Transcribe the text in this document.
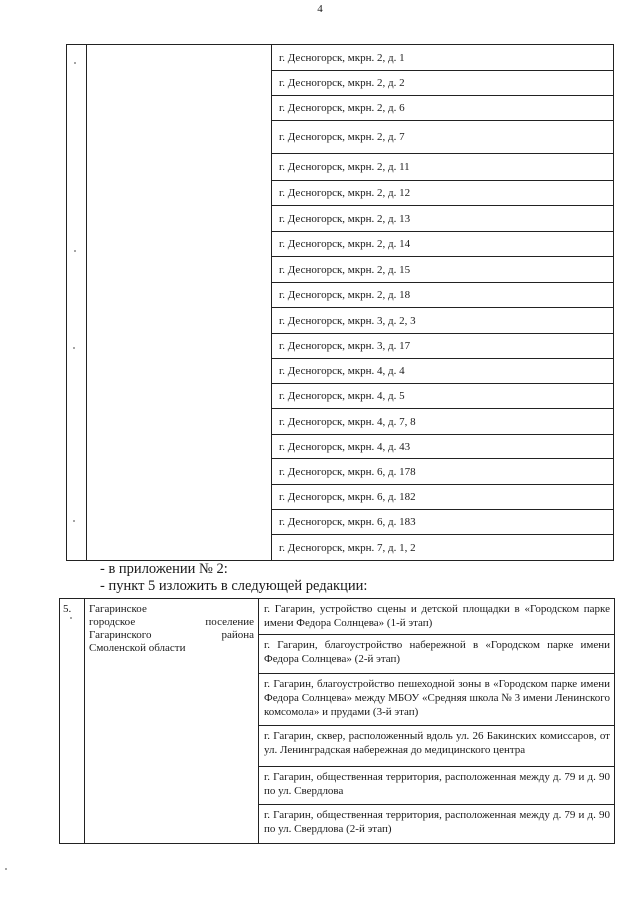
4
г. Десногорск, мкрн. 2, д. 1
г. Десногорск, мкрн. 2, д. 2
г. Десногорск, мкрн. 2, д. 6
г. Десногорск, мкрн. 2, д. 7
г. Десногорск, мкрн. 2, д. 11
г. Десногорск, мкрн. 2, д. 12
г. Десногорск, мкрн. 2, д. 13
г. Десногорск, мкрн. 2, д. 14
г. Десногорск, мкрн. 2, д. 15
г. Десногорск, мкрн. 2, д. 18
г. Десногорск, мкрн. 3, д. 2, 3
г. Десногорск, мкрн. 3, д. 17
г. Десногорск, мкрн. 4, д. 4
г. Десногорск, мкрн. 4, д. 5
г. Десногорск, мкрн. 4, д. 7, 8
г. Десногорск, мкрн. 4, д. 43
г. Десногорск, мкрн. 6, д. 178
г. Десногорск, мкрн. 6, д. 182
г. Десногорск, мкрн. 6, д. 183
г. Десногорск, мкрн. 7, д. 1, 2
- в приложении № 2:
- пункт 5 изложить в следующей редакции:
5.	Гагаринское
городское поселение
Гагаринского района
Смоленской области
г. Гагарин, устройство сцены и детской площадки в «Городском парке имени Федора Солнцева» (1-й этап)
г. Гагарин, благоустройство набережной в «Городском парке имени Федора Солнцева» (2-й этап)
г. Гагарин, благоустройство пешеходной зоны в «Городском парке имени Федора Солнцева» между МБОУ «Средняя школа № 3 имени Ленинского комсомола» и прудами (3-й этап)
г. Гагарин, сквер, расположенный вдоль ул. 26 Бакинских комиссаров, от ул. Ленинградская набережная до медицинского центра
г. Гагарин, общественная территория, расположенная между д. 79 и д. 90 по ул. Свердлова
г. Гагарин, общественная территория, расположенная между д. 79 и д. 90 по ул. Свердлова (2-й этап)
